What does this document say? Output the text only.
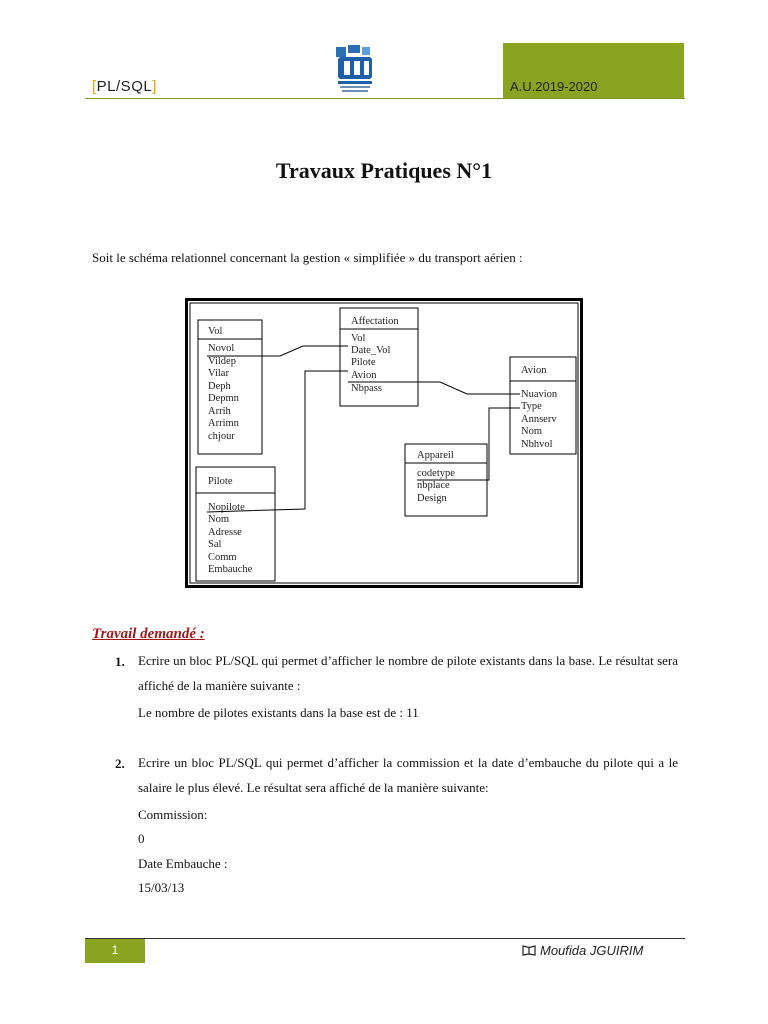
[PL/SQL]	A.U.2019-2020
Travaux Pratiques N°1
Soit le schéma relationnel concernant la gestion « simplifiée » du transport aérien :
Vol
Novol
Vildep
Vilar
Deph
Depmn
Arrih
Arrimn
chjour
Affectation
Vol
Date_Vol
Pilote
Avion
Nbpass
Avion
Nuavion
Type
Annserv
Nom
Nbhvol
Appareil
codetype
nbplace
Design
Pilote
Nopilote
Nom
Adresse
Sal
Comm
Embauche
Travail demandé :
1. Ecrire un bloc PL/SQL qui permet d’afficher le nombre de pilote existants dans la base. Le résultat sera affiché de la manière suivante :
Le nombre de pilotes existants dans la base est de : 11
2. Ecrire un bloc PL/SQL qui permet d’afficher la commission et la date d’embauche du pilote qui a le salaire le plus élevé. Le résultat sera affiché de la manière suivante:
Commission:
0
Date Embauche :
15/03/13
1	Moufida JGUIRIM
